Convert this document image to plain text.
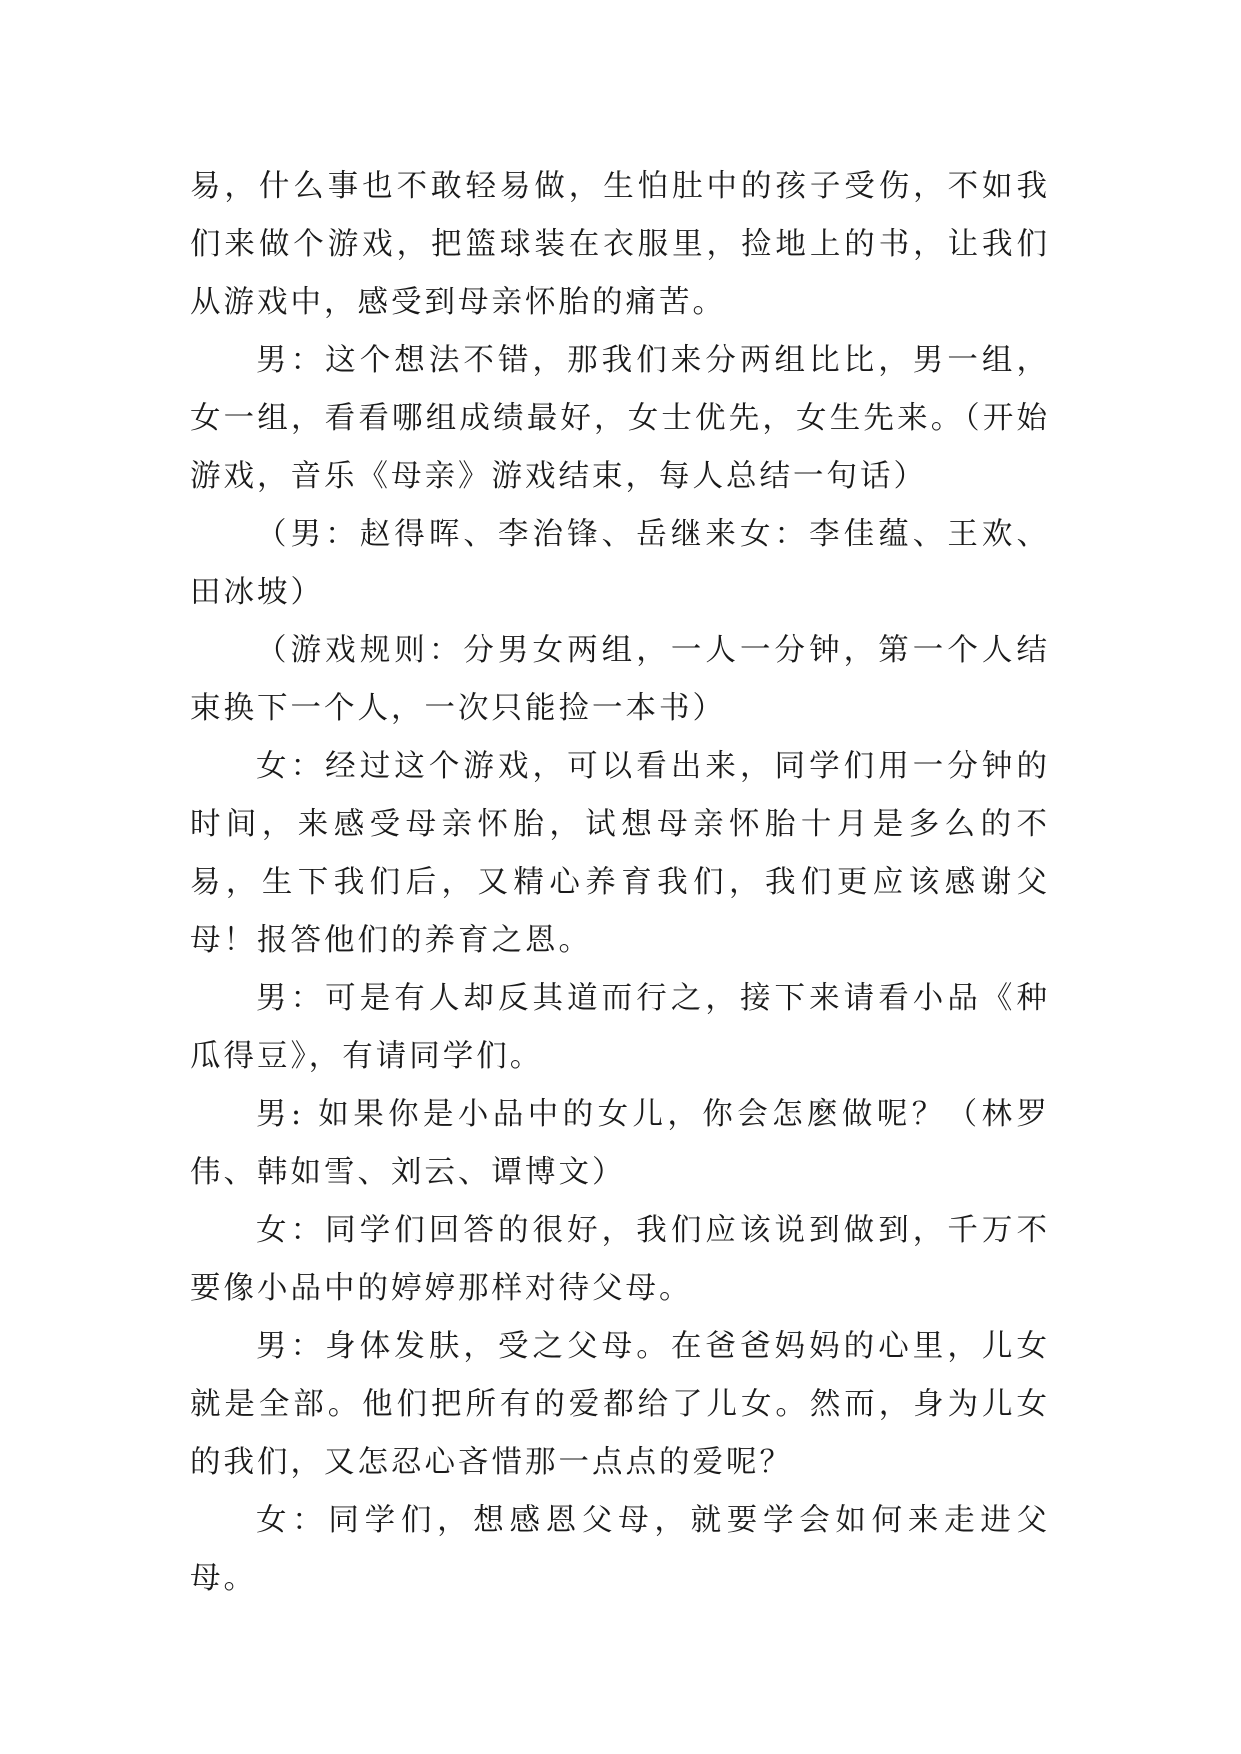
易，什么事也不敢轻易做，生怕肚中的孩子受伤，不如我们来做个游戏，把篮球装在衣服里，捡地上的书，让我们从游戏中，感受到母亲怀胎的痛苦。

男：这个想法不错，那我们来分两组比比，男一组，女一组，看看哪组成绩最好，女士优先，女生先来。（开始游戏，音乐《母亲》游戏结束，每人总结一句话）

（男：赵得晖、李治锋、岳继来女：李佳蕴、王欢、田冰坡）

（游戏规则：分男女两组，一人一分钟，第一个人结束换下一个人，一次只能捡一本书）

女：经过这个游戏，可以看出来，同学们用一分钟的时间，来感受母亲怀胎，试想母亲怀胎十月是多么的不易，生下我们后，又精心养育我们，我们更应该感谢父母！报答他们的养育之恩。

男：可是有人却反其道而行之，接下来请看小品《种瓜得豆》，有请同学们。

男: 如果你是小品中的女儿，你会怎麽做呢？（林罗伟、韩如雪、刘云、谭博文）

女：同学们回答的很好，我们应该说到做到，千万不要像小品中的婷婷那样对待父母。

男：身体发肤，受之父母。在爸爸妈妈的心里，儿女就是全部。他们把所有的爱都给了儿女。然而，身为儿女的我们，又怎忍心吝惜那一点点的爱呢？

女：同学们，想感恩父母，就要学会如何来走进父母。
